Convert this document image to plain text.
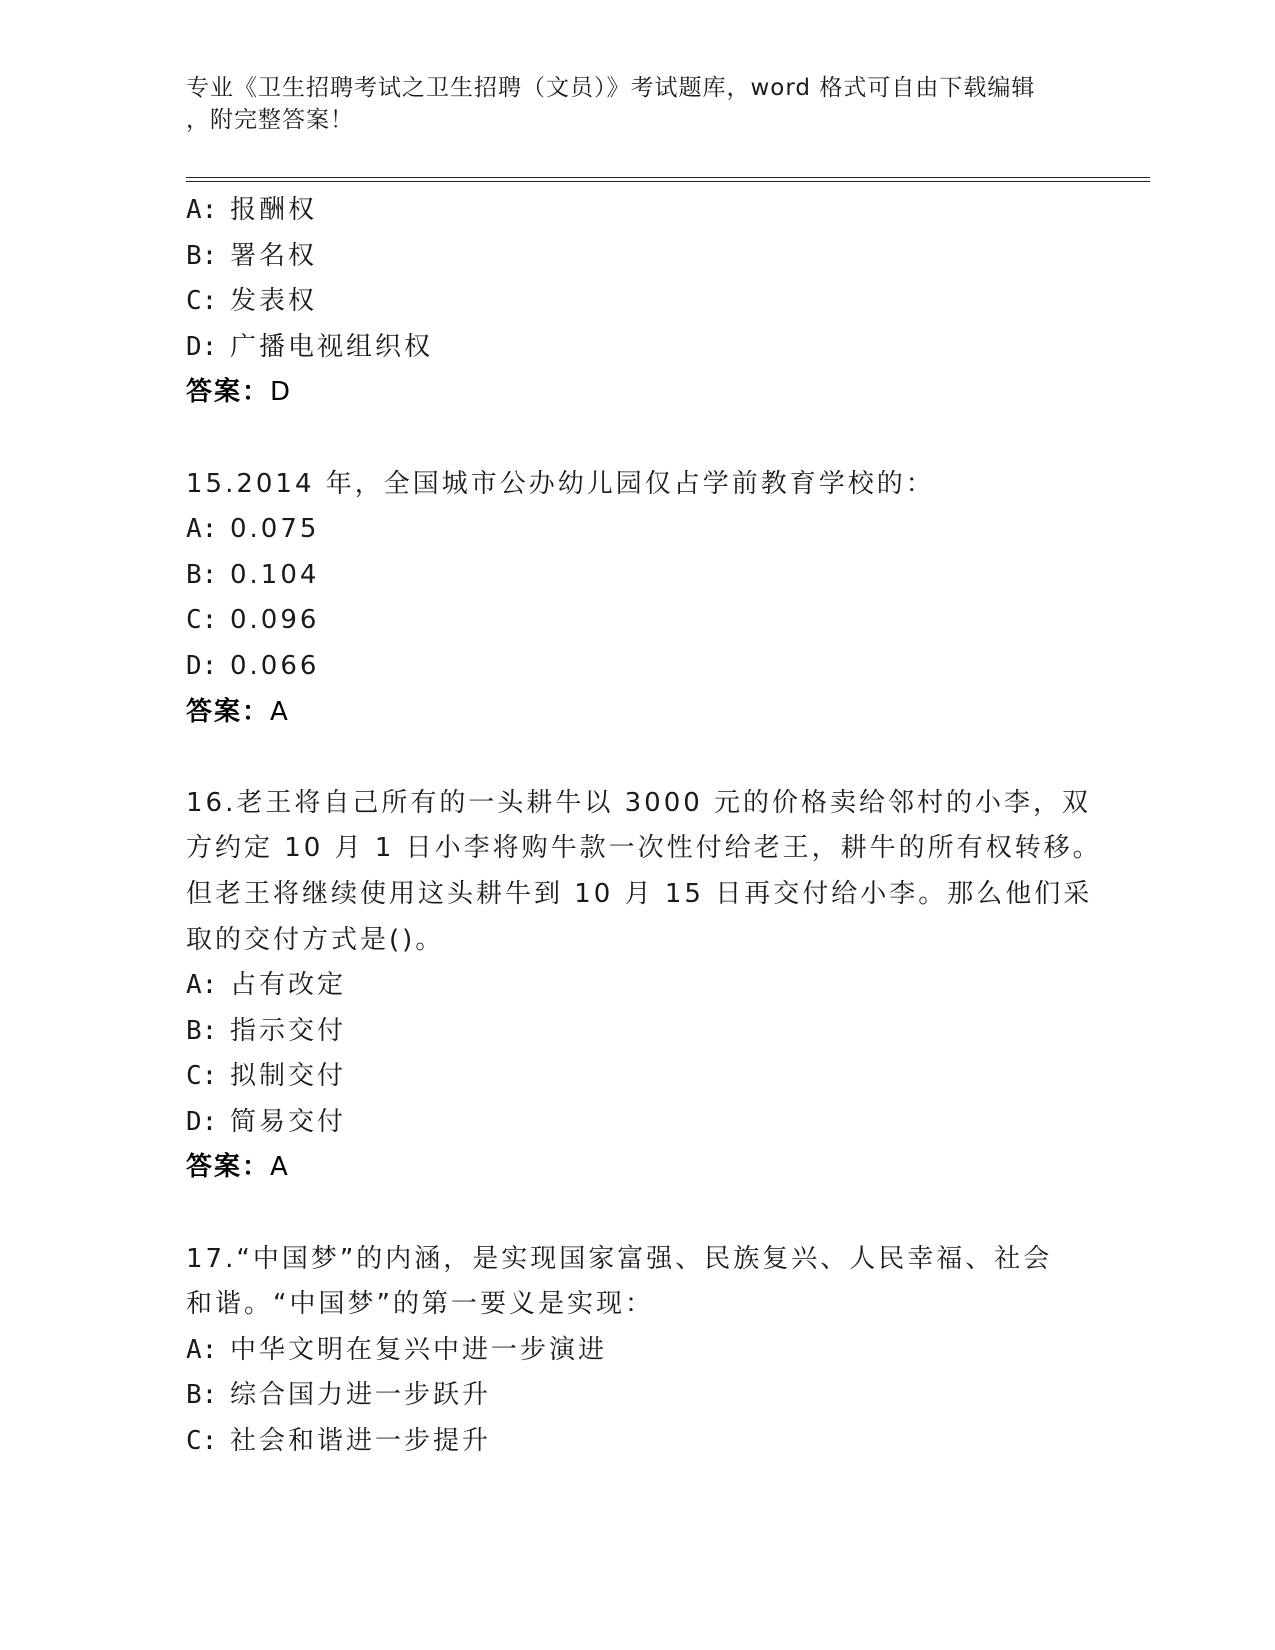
专业《卫生招聘考试之卫生招聘（文员）》考试题库，word 格式可自由下载编辑
，附完整答案！
A: 报酬权
B: 署名权
C: 发表权
D: 广播电视组织权
答案：D
15.2014 年，全国城市公办幼儿园仅占学前教育学校的：
A: 0.075
B: 0.104
C: 0.096
D: 0.066
答案：A
16.老王将自己所有的一头耕牛以 3000 元的价格卖给邻村的小李，双
方约定 10 月 1 日小李将购牛款一次性付给老王，耕牛的所有权转移。
但老王将继续使用这头耕牛到 10 月 15 日再交付给小李。那么他们采
取的交付方式是()。
A: 占有改定
B: 指示交付
C: 拟制交付
D: 简易交付
答案：A
17.“中国梦”的内涵，是实现国家富强、民族复兴、人民幸福、社会
和谐。“中国梦”的第一要义是实现：
A: 中华文明在复兴中进一步演进
B: 综合国力进一步跃升
C: 社会和谐进一步提升
